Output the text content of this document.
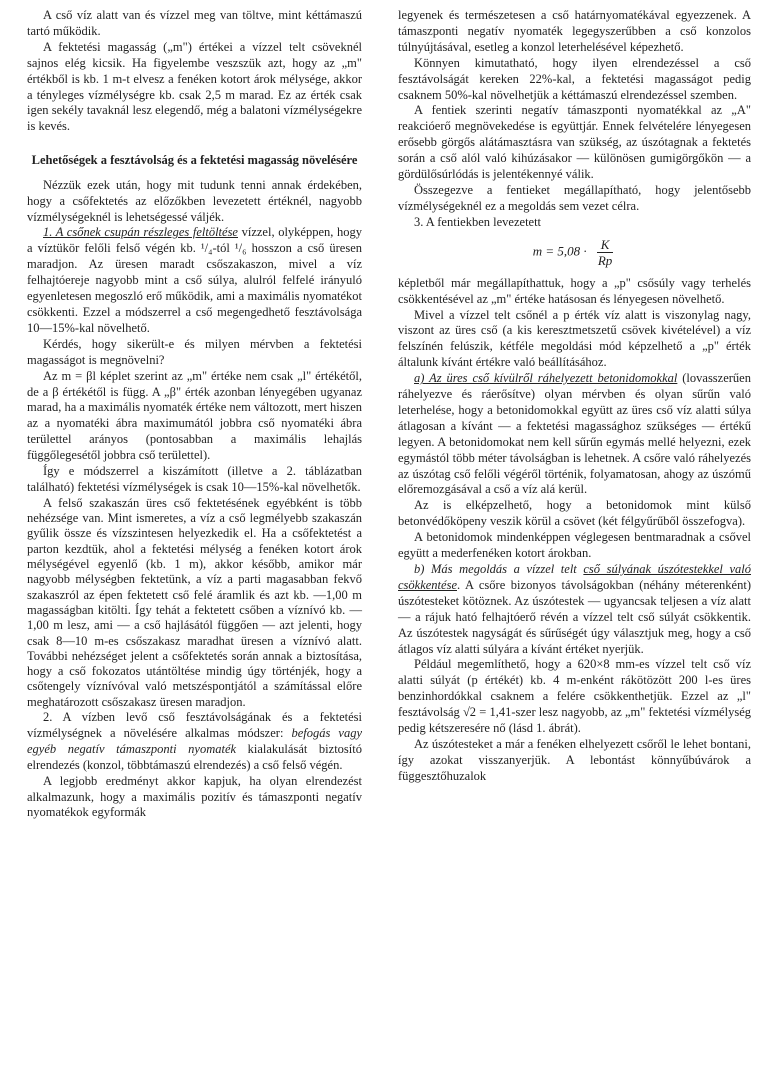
A cső víz alatt van és vízzel meg van töltve, mint kéttámaszú tartó működik.

A fektetési magasság („m") értékei a vízzel telt csöveknél sajnos elég kicsik. Ha figyelembe veszszük azt, hogy az „m" értékből is kb. 1 m-t elvesz a fenéken kotort árok mélysége, akkor a tényleges vízmélységre kb. csak 2,5 m marad. Ez az érték csak igen sekély tavaknál lesz elegendő, még a balatoni vízmélységekre is kevés.

Lehetőségek a fesztávolság és a fektetési magasság növelésére

Nézzük ezek után, hogy mit tudunk tenni annak érdekében, hogy a csőfektetés az előzőkben levezetett értéknél, nagyobb vízmélységeknél is lehetségessé váljék.

1. A csőnek csupán részleges feltöltése vízzel, olyképpen, hogy a víztükör felőli felső végén kb. ¹/₄-tól ¹/₆ hosszon a cső üresen maradjon. Az üresen maradt csőszakaszon, mivel a víz felhajtóereje nagyobb mint a cső súlya, alulról felfelé irányuló egyenletesen megoszló erő működik, ami a maximális nyomatékot csökkenti. Ezzel a módszerrel a cső megengedhető fesztávolsága 10—15%-kal növelhető.

Kérdés, hogy sikerült-e és milyen mérvben a fektetési magasságot is megnövelni?

Az m = βl képlet szerint az „m" értéke nem csak „l" értékétől, de a β értékétől is függ. A „β" érték azonban lényegében ugyanaz marad, ha a maximális nyomaték értéke nem változott, mert hiszen az a nyomatéki ábra maximumától jobbra cső nyomatéki ábra területtel arányos (pontosabban a maximális lehajlás függőlegesétől jobbra cső területtel).

Így e módszerrel a kiszámított (illetve a 2. táblázatban található) fektetési vízmélységek is csak 10—15%-kal növelhetők.

A felső szakaszán üres cső fektetésének egyébként is több nehézsége van. Mint ismeretes, a víz a cső legmélyebb szakaszán gyűlik össze és vízszintesen helyezkedik el. Ha a csőfektetést a parton kezdtük, ahol a fektetési mélység a fenéken kotort árok mélységével egyenlő (kb. 1 m), akkor később, amikor már nagyobb mélységben fektetünk, a víz a parti magasabban fekvő szakaszról az épen fektetett cső felé áramlik és azt kb. —1,00 m magasságban kitölti. Így tehát a fektetett csőben a víznívó kb. —1,00 m lesz, ami — a cső hajlásától függően — azt jelenti, hogy csak 8—10 m-es csőszakasz maradhat üresen a víznívó alatt. További nehézséget jelent a csőfektetés során annak a biztosítása, hogy a cső fokozatos utántöltése mindig úgy történjék, hogy a csőtengely víznívóval való metszéspontjától a számítással előre meghatározott csőszakasz üresen maradjon.

2. A vízben levő cső fesztávolságának és a fektetési vízmélységnek a növelésére alkalmas módszer: befogás vagy egyéb negatív támaszponti nyomaték kialakulását biztosító elrendezés (konzol, többtámaszú elrendezés) a cső felső végén.

A legjobb eredményt akkor kapjuk, ha olyan elrendezést alkalmazunk, hogy a maximális pozitív és támaszponti negatív nyomatékok egyformák

legyenek és természetesen a cső határnyomatékával egyezzenek. A támaszponti negatív nyomaték legegyszerűbben a cső konzolos túlnyújtásával, esetleg a konzol leterhelésével képezhető.

Könnyen kimutatható, hogy ilyen elrendezéssel a cső fesztávolságát kereken 22%-kal, a fektetési magasságot pedig csaknem 50%-kal növelhetjük a kéttámaszú elrendezéssel szemben.

A fentiek szerinti negatív támaszponti nyomatékkal az „A" reakcióerő megnövekedése is együttjár. Ennek felvételére lényegesen erősebb görgős alátámasztásra van szükség, az úszótagnak a fektetés során a cső alól való kihúzásakor — különösen gumigörgőkön — a gördülősúrlódás is jelentékennyé válik.

Összegezve a fentieket megállapítható, hogy jelentősebb vízmélységeknél ez a megoldás sem vezet célra.

3. A fentiekben levezetett

$m = 5,08 \cdot \frac{K}{Rp}$

képletből már megállapíthattuk, hogy a „p" csősúly vagy terhelés csökkentésével az „m" értéke hatásosan és lényegesen növelhető.

Mivel a vízzel telt csőnél a p érték víz alatt is viszonylag nagy, viszont az üres cső (a kis keresztmetszetű csövek kivételével) a víz felszínén felúszik, kétféle megoldási mód képzelhető a „p" érték általunk kívánt értékre való beállításához.

a) Az üres cső kívülről ráhelyezett betonidomokkal (lovasszerűen ráhelyezve és ráerősítve) olyan mérvben és olyan sűrűn való leterhelése, hogy a betonidomokkal együtt az üres cső víz alatti súlya átlagosan a kívánt — a fektetési magassághoz szükséges — értékű legyen. A betonidomokat nem kell sűrűn egymás mellé helyezni, ezek egymástól több méter távolságban is lehetnek. A csőre való ráhelyezés az úszótag cső felőli végéről történik, folyamatosan, ahogy az úszómű előremozgásával a cső a víz alá kerül.

Az is elképzelhető, hogy a betonidomok mint külső betonvédőköpeny veszik körül a csövet (két félgyűrűből összefogva).

A betonidomok mindenképpen véglegesen bentmaradnak a csővel együtt a mederfenéken kotort árokban.

b) Más megoldás a vízzel telt cső súlyának úszótestekkel való csökkentése. A csőre bizonyos távolságokban (néhány méterenként) úszótesteket kötöznek. Az úszótestek — ugyancsak teljesen a víz alatt — a rájuk ható felhajtóerő révén a vízzel telt cső súlyát csökkentik. Az úszótestek nagyságát és sűrűségét úgy választjuk meg, hogy a cső átlagos víz alatti súlyára a kívánt értéket nyerjük.

Például megemlíthető, hogy a 620×8 mm-es vízzel telt cső víz alatti súlyát (p értékét) kb. 4 m-enként rákötözött 200 l-es üres benzinhordókkal csaknem a felére csökkenthetjük. Ezzel az „l" fesztávolság √2 = 1,41-szer lesz nagyobb, az „m" fektetési vízmélység pedig kétszeresére nő (lásd 1. ábrát).

Az úszótesteket a már a fenéken elhelyezett csőről le lehet bontani, így azokat visszanyerjük. A lebontást könnyűbúvárok a függesztőhuzalok
